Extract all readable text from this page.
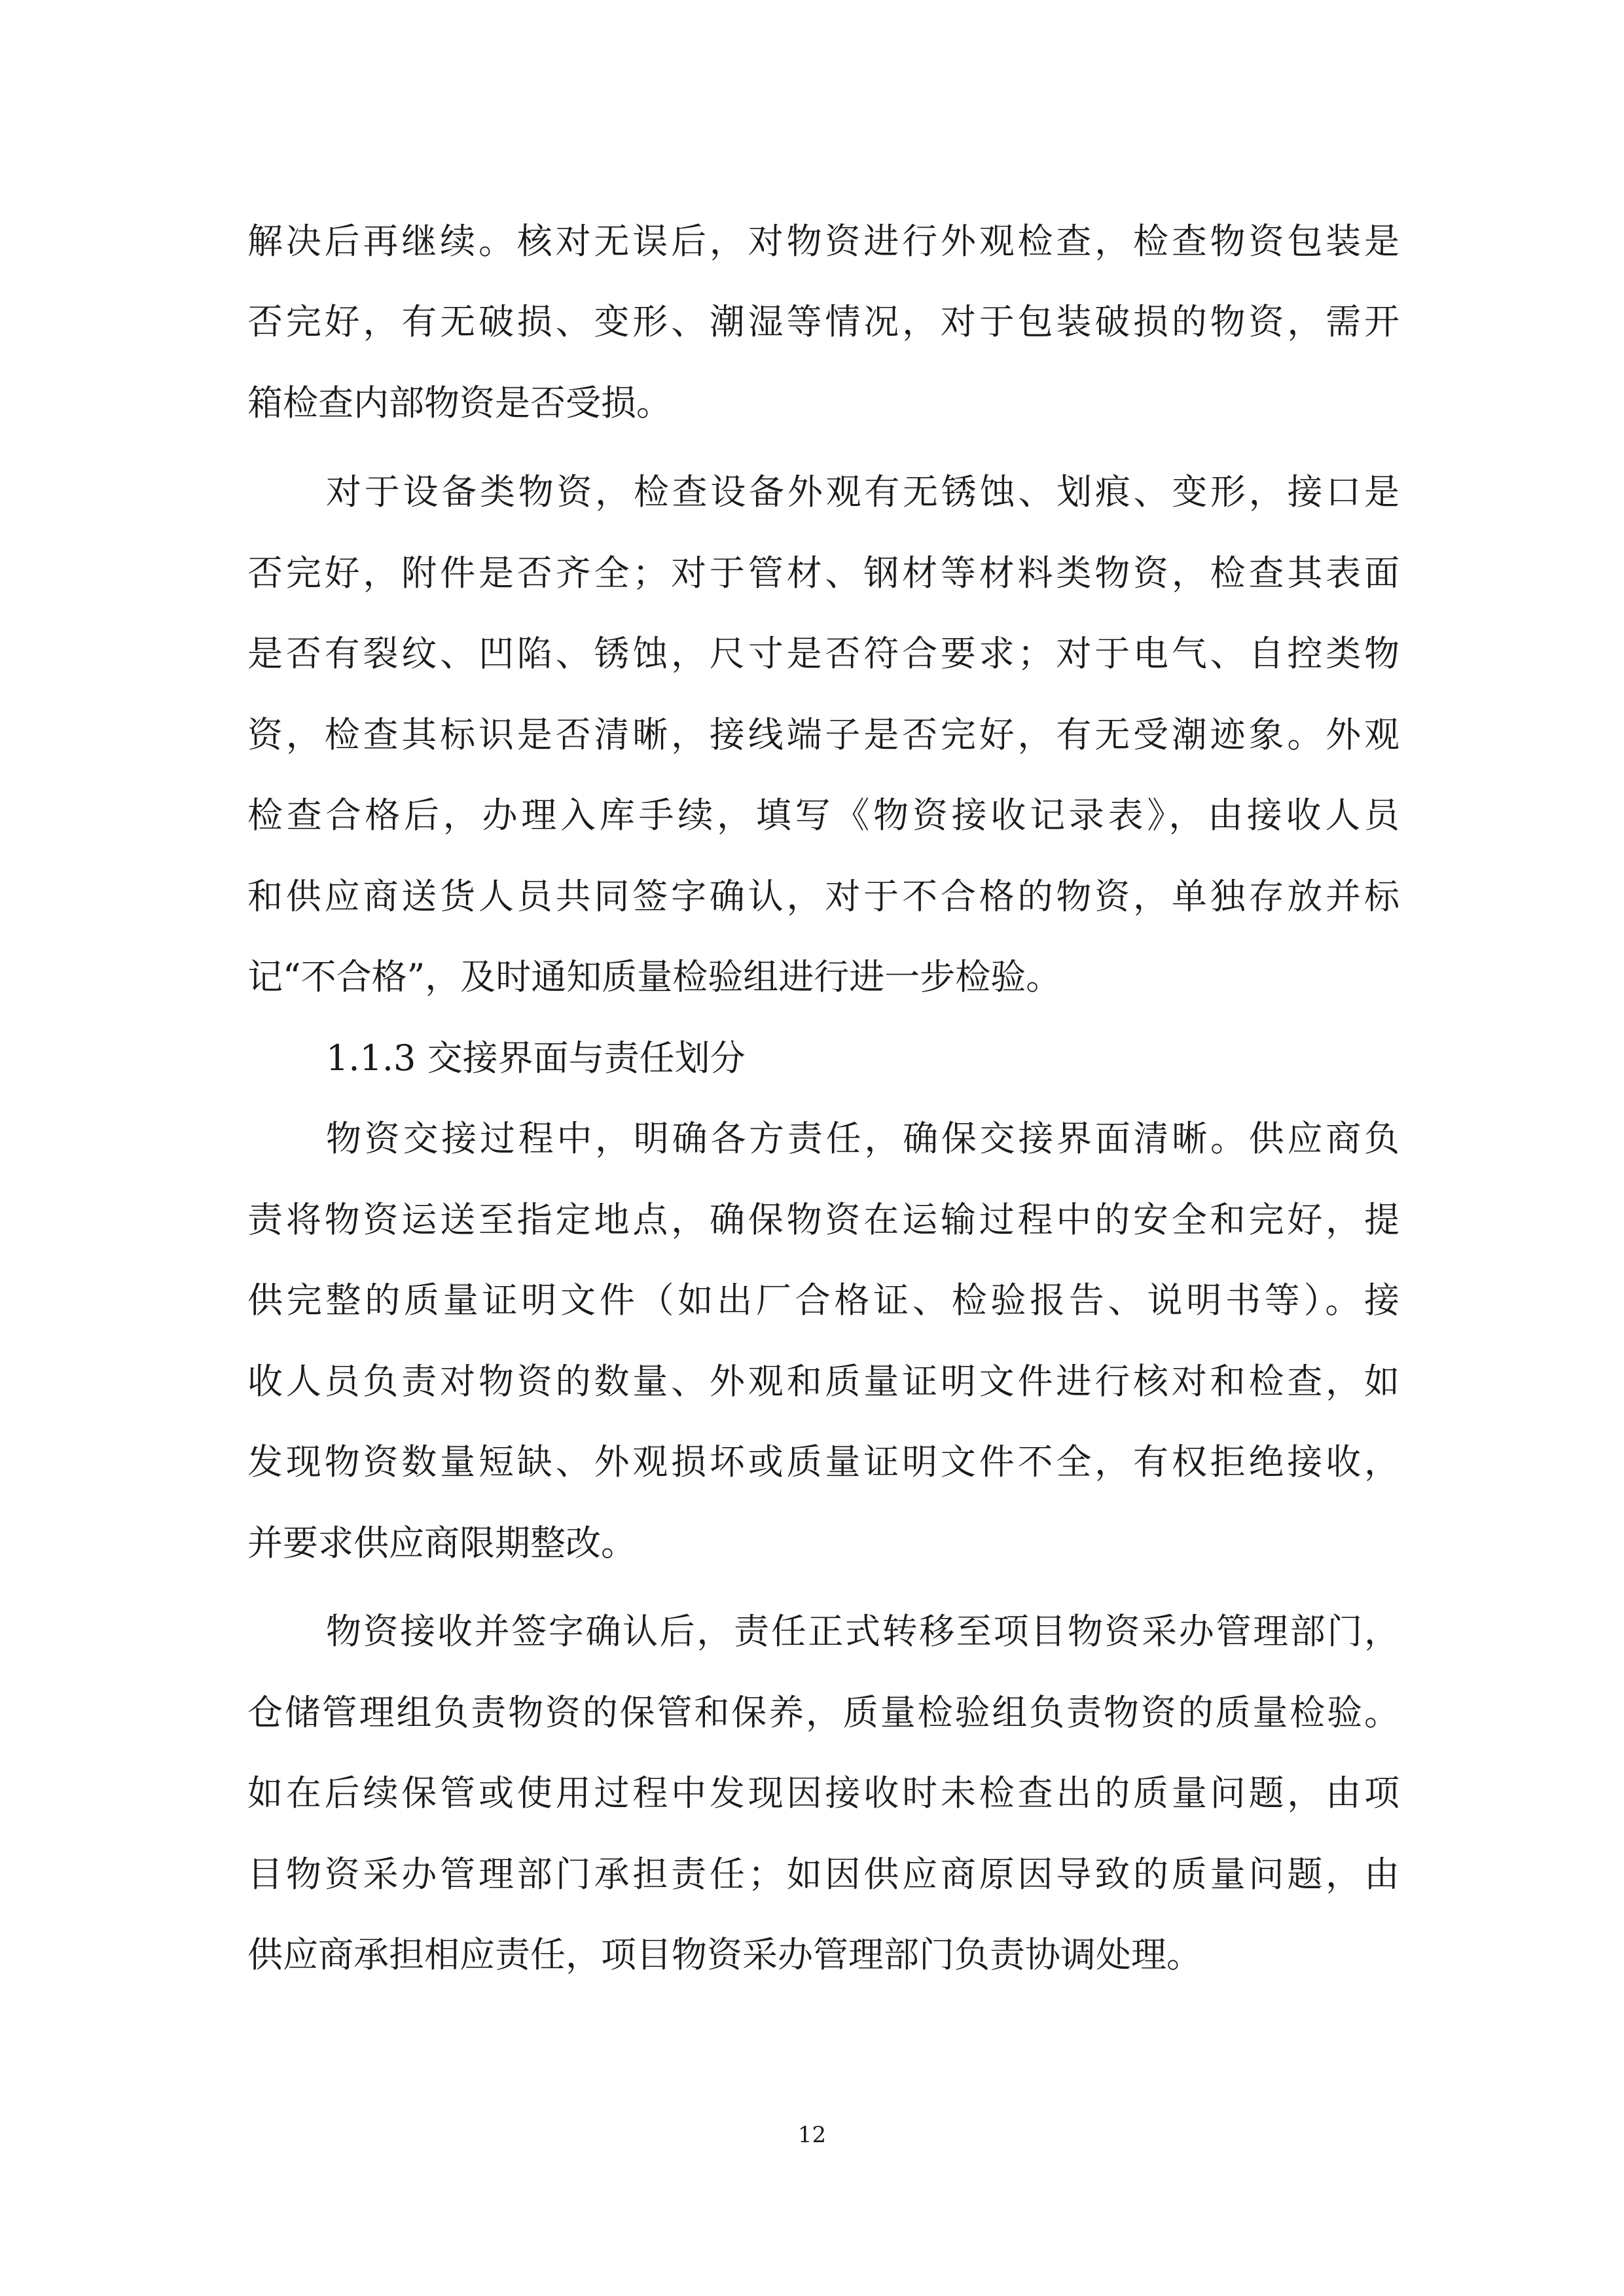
解决后再继续。核对无误后，对物资进行外观检查，检查物资包装是
否完好，有无破损、变形、潮湿等情况，对于包装破损的物资，需开
箱检查内部物资是否受损。
对于设备类物资，检查设备外观有无锈蚀、划痕、变形，接口是
否完好，附件是否齐全；对于管材、钢材等材料类物资，检查其表面
是否有裂纹、凹陷、锈蚀，尺寸是否符合要求；对于电气、自控类物
资，检查其标识是否清晰，接线端子是否完好，有无受潮迹象。外观
检查合格后，办理入库手续，填写《物资接收记录表》，由接收人员
和供应商送货人员共同签字确认，对于不合格的物资，单独存放并标
记“不合格”，及时通知质量检验组进行进一步检验。
1.1.3 交接界面与责任划分
物资交接过程中，明确各方责任，确保交接界面清晰。供应商负
责将物资运送至指定地点，确保物资在运输过程中的安全和完好，提
供完整的质量证明文件（如出厂合格证、检验报告、说明书等）。接
收人员负责对物资的数量、外观和质量证明文件进行核对和检查，如
发现物资数量短缺、外观损坏或质量证明文件不全，有权拒绝接收，
并要求供应商限期整改。
物资接收并签字确认后，责任正式转移至项目物资采办管理部门，
仓储管理组负责物资的保管和保养，质量检验组负责物资的质量检验。
如在后续保管或使用过程中发现因接收时未检查出的质量问题，由项
目物资采办管理部门承担责任；如因供应商原因导致的质量问题，由
供应商承担相应责任，项目物资采办管理部门负责协调处理。
12
